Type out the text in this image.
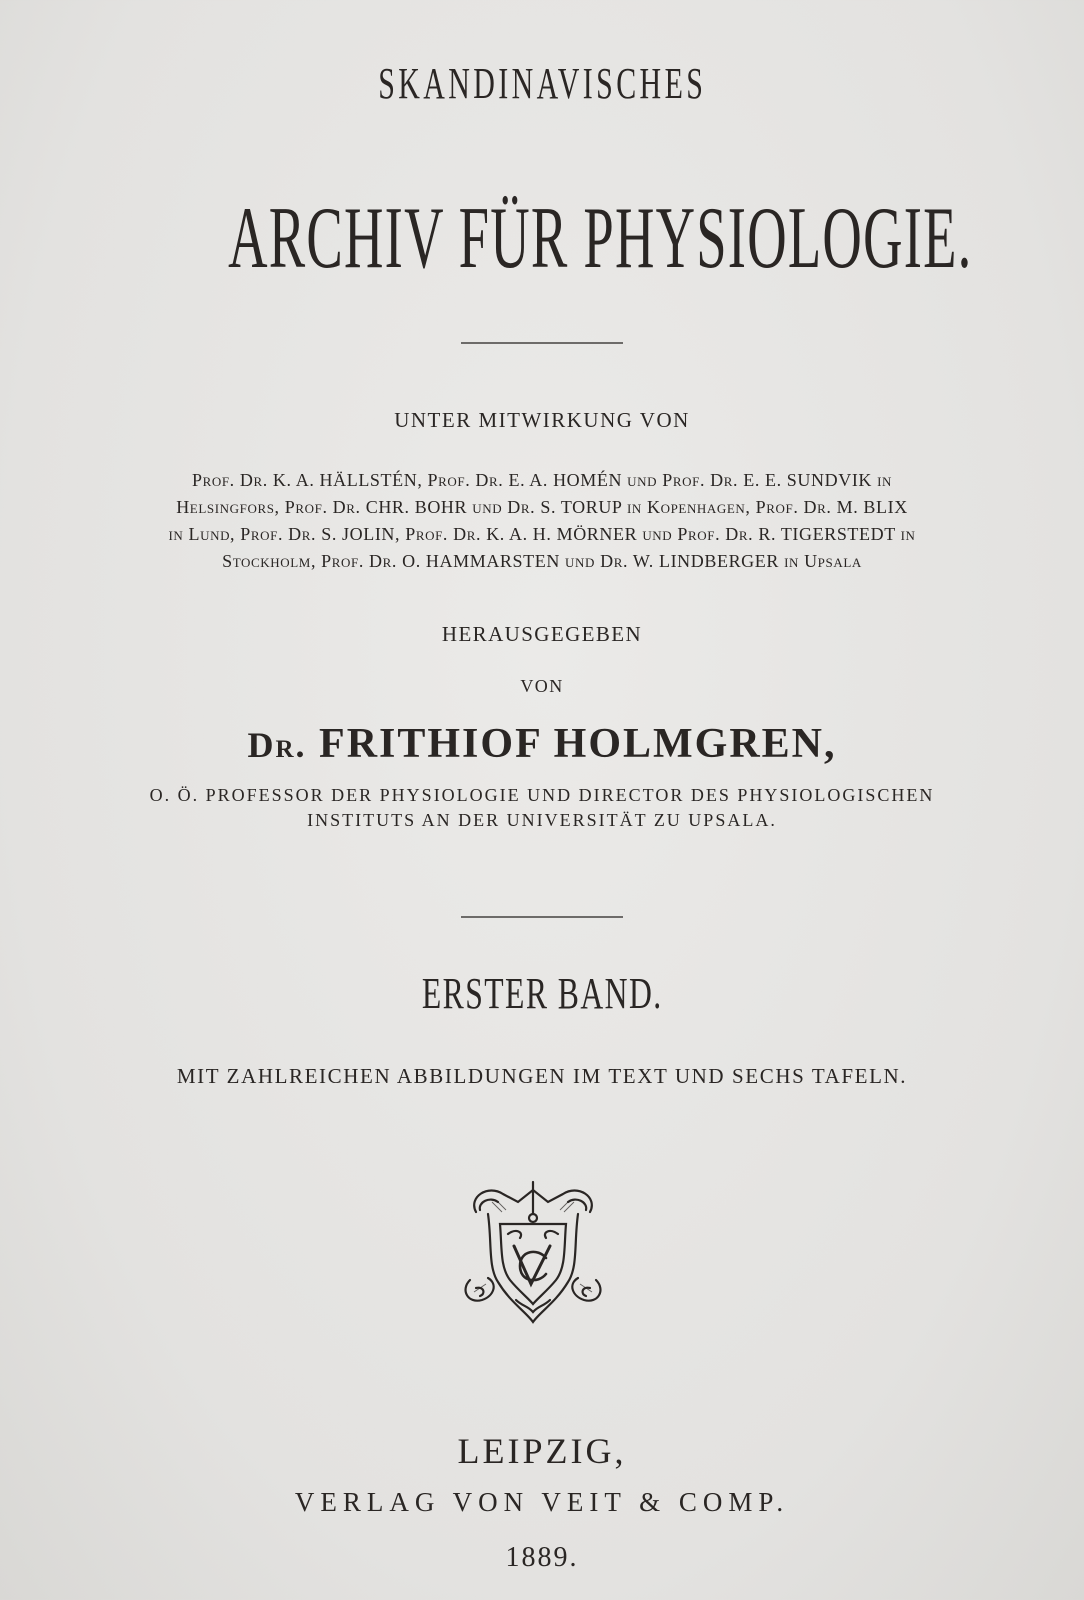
SKANDINAVISCHES
ARCHIV FÜR PHYSIOLOGIE.
UNTER MITWIRKUNG VON
Prof. Dr. K. A. HÄLLSTÉN, Prof. Dr. E. A. HOMÉN und Prof. Dr. E. E. SUNDVIK in
Helsingfors, Prof. Dr. CHR. BOHR und Dr. S. TORUP in Kopenhagen, Prof. Dr. M. BLIX
in Lund, Prof. Dr. S. JOLIN, Prof. Dr. K. A. H. MÖRNER und Prof. Dr. R. TIGERSTEDT in
Stockholm, Prof. Dr. O. HAMMARSTEN und Dr. W. LINDBERGER in Upsala
HERAUSGEGEBEN
VON
Dr. FRITHIOF HOLMGREN,
O. Ö. PROFESSOR DER PHYSIOLOGIE UND DIRECTOR DES PHYSIOLOGISCHEN
INSTITUTS AN DER UNIVERSITÄT ZU UPSALA.
ERSTER BAND.
MIT ZAHLREICHEN ABBILDUNGEN IM TEXT UND SECHS TAFELN.
LEIPZIG,
VERLAG VON VEIT & COMP.
1889.
